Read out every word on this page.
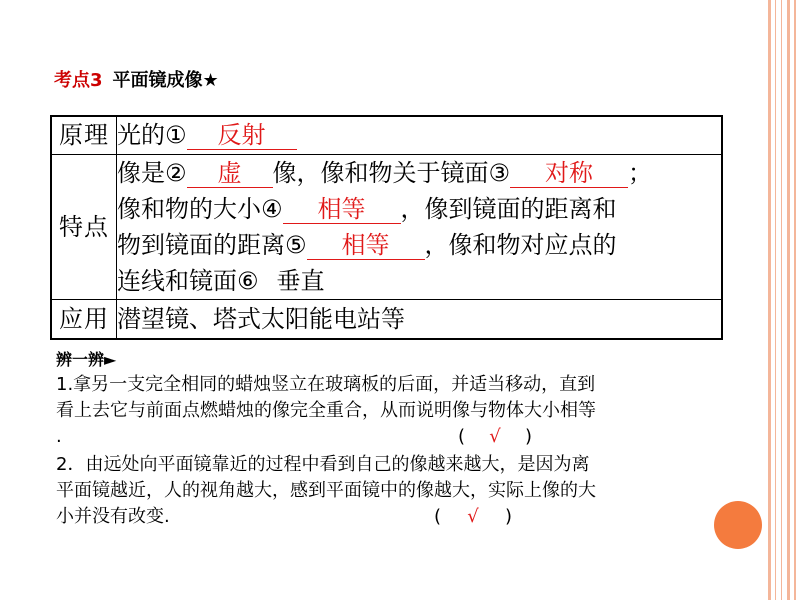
考点3 平面镜成像★
原理	光的① 反射
特点	像是② 虚 像，像和物关于镜面③ 对称 ；
像和物的大小④ 相等 ，像到镜面的距离和
物到镜面的距离⑤ 相等 ，像和物对应点的
连线和镜面⑥ 垂直

应用	潜望镜、塔式太阳能电站等
辨一辨►
1.拿另一支完全相同的蜡烛竖立在玻璃板的后面，并适当移动，直到
看上去它与前面点燃蜡烛的像完全重合，从而说明像与物体大小相等
.	( √ )
2．由远处向平面镜靠近的过程中看到自己的像越来越大，是因为离
平面镜越近，人的视角越大，感到平面镜中的像越大，实际上像的大
小并没有改变.	( √ )
